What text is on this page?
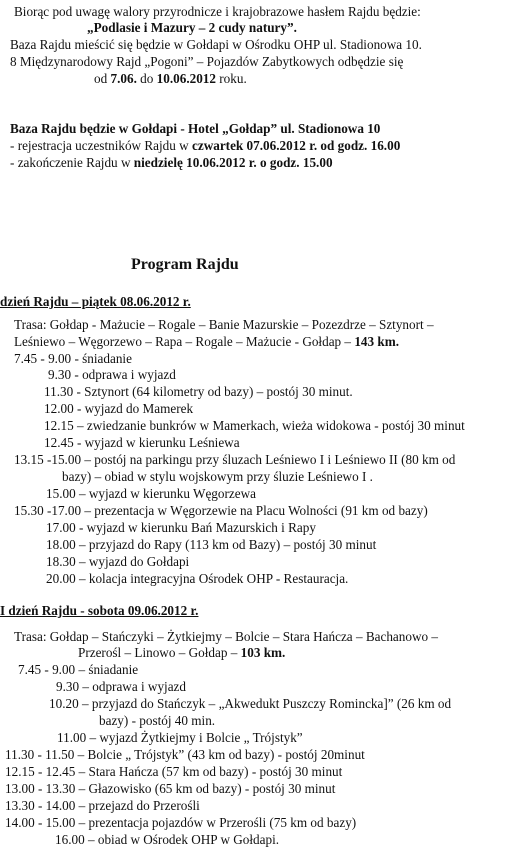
Biorąc pod uwagę walory przyrodnicze i krajobrazowe hasłem Rajdu będzie:
„Podlasie i Mazury – 2 cudy natury”.
Baza Rajdu mieścić się będzie w Gołdapi w Ośrodku OHP ul. Stadionowa 10.
8 Międzynarodowy Rajd „Pogoni” – Pojazdów Zabytkowych odbędzie się
od 7.06. do 10.06.2012 roku.
Baza Rajdu będzie w Gołdapi - Hotel „Gołdap” ul. Stadionowa 10
- rejestracja uczestników Rajdu w czwartek 07.06.2012 r. od godz. 16.00
- zakończenie Rajdu w niedzielę 10.06.2012 r. o godz. 15.00
Program Rajdu
dzień Rajdu – piątek 08.06.2012 r.
Trasa: Gołdap - Mażucie – Rogale – Banie Mazurskie – Pozezdrze – Sztynort –
Leśniewo – Węgorzewo – Rapa – Rogale – Mażucie - Gołdap – 143 km.
7.45 - 9.00 - śniadanie
9.30 - odprawa i wyjazd
11.30 - Sztynort (64 kilometry od bazy) – postój 30 minut.
12.00 - wyjazd do Mamerek
12.15 – zwiedzanie bunkrów w Mamerkach, wieża widokowa - postój 30 minut
12.45 - wyjazd w kierunku Leśniewa
13.15 -15.00 – postój na parkingu przy śluzach Leśniewo I i Leśniewo II (80 km od
bazy) – obiad w stylu wojskowym przy śluzie Leśniewo I .
15.00 – wyjazd w kierunku Węgorzewa
15.30 -17.00 – prezentacja w Węgorzewie na Placu Wolności (91 km od bazy)
17.00 - wyjazd w kierunku Bań Mazurskich i Rapy
18.00 – przyjazd do Rapy (113 km od Bazy) – postój 30 minut
18.30 – wyjazd do Gołdapi
20.00 – kolacja integracyjna Ośrodek OHP - Restauracja.
I dzień Rajdu - sobota 09.06.2012 r.
Trasa: Gołdap – Stańczyki – Żytkiejmy – Bolcie – Stara Hańcza – Bachanowo –
Przerośl – Linowo – Gołdap – 103 km.
7.45 - 9.00 – śniadanie
9.30 – odprawa i wyjazd
10.20 – przyjazd do Stańczyk – „Akwedukt Puszczy Romincka]” (26 km od
bazy) - postój 40 min.
11.00 – wyjazd Żytkiejmy i Bolcie „ Trójstyk”
11.30 - 11.50 – Bolcie „ Trójstyk” (43 km od bazy) - postój 20minut
12.15 - 12.45 – Stara Hańcza (57 km od bazy) - postój 30 minut
13.00 - 13.30 – Głazowisko (65 km od bazy) - postój 30 minut
13.30 - 14.00 – przejazd do Przerośli
14.00 - 15.00 – prezentacja pojazdów w Przerośli (75 km od bazy)
16.00 – obiad w Ośrodek OHP w Gołdapi.
